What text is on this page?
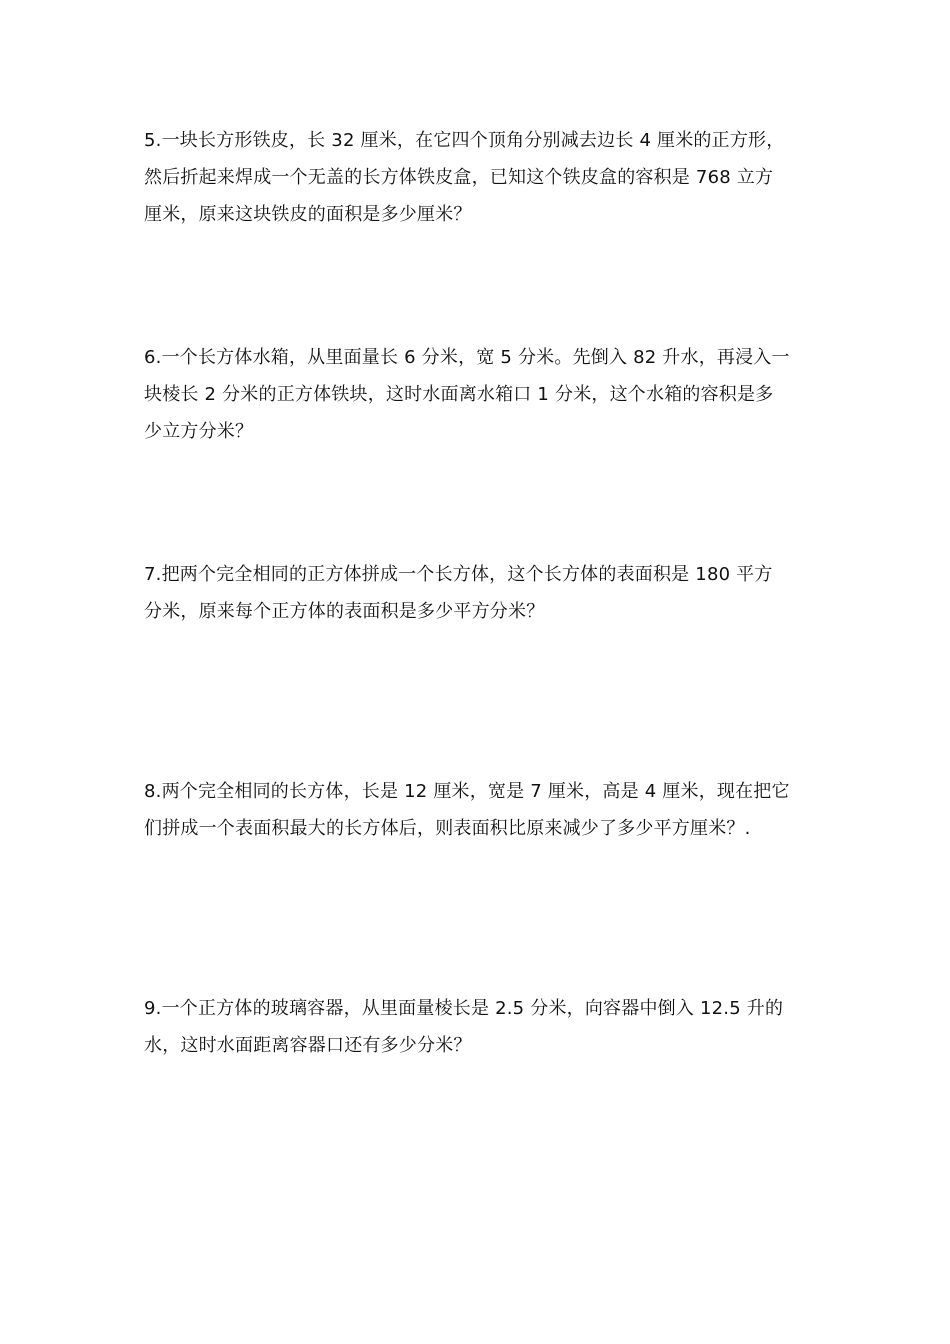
5.一块长方形铁皮，长 32 厘米，在它四个顶角分别减去边长 4 厘米的正方形，
然后折起来焊成一个无盖的长方体铁皮盒，已知这个铁皮盒的容积是 768 立方
厘米，原来这块铁皮的面积是多少厘米？
6.一个长方体水箱，从里面量长 6 分米，宽 5 分米。先倒入 82 升水，再浸入一
块棱长 2 分米的正方体铁块，这时水面离水箱口 1 分米，这个水箱的容积是多
少立方分米？
7.把两个完全相同的正方体拼成一个长方体，这个长方体的表面积是 180 平方
分米，原来每个正方体的表面积是多少平方分米？
8.两个完全相同的长方体，长是 12 厘米，宽是 7 厘米，高是 4 厘米，现在把它
们拼成一个表面积最大的长方体后，则表面积比原来减少了多少平方厘米？.
9.一个正方体的玻璃容器，从里面量棱长是 2.5 分米，向容器中倒入 12.5 升的
水，这时水面距离容器口还有多少分米？
